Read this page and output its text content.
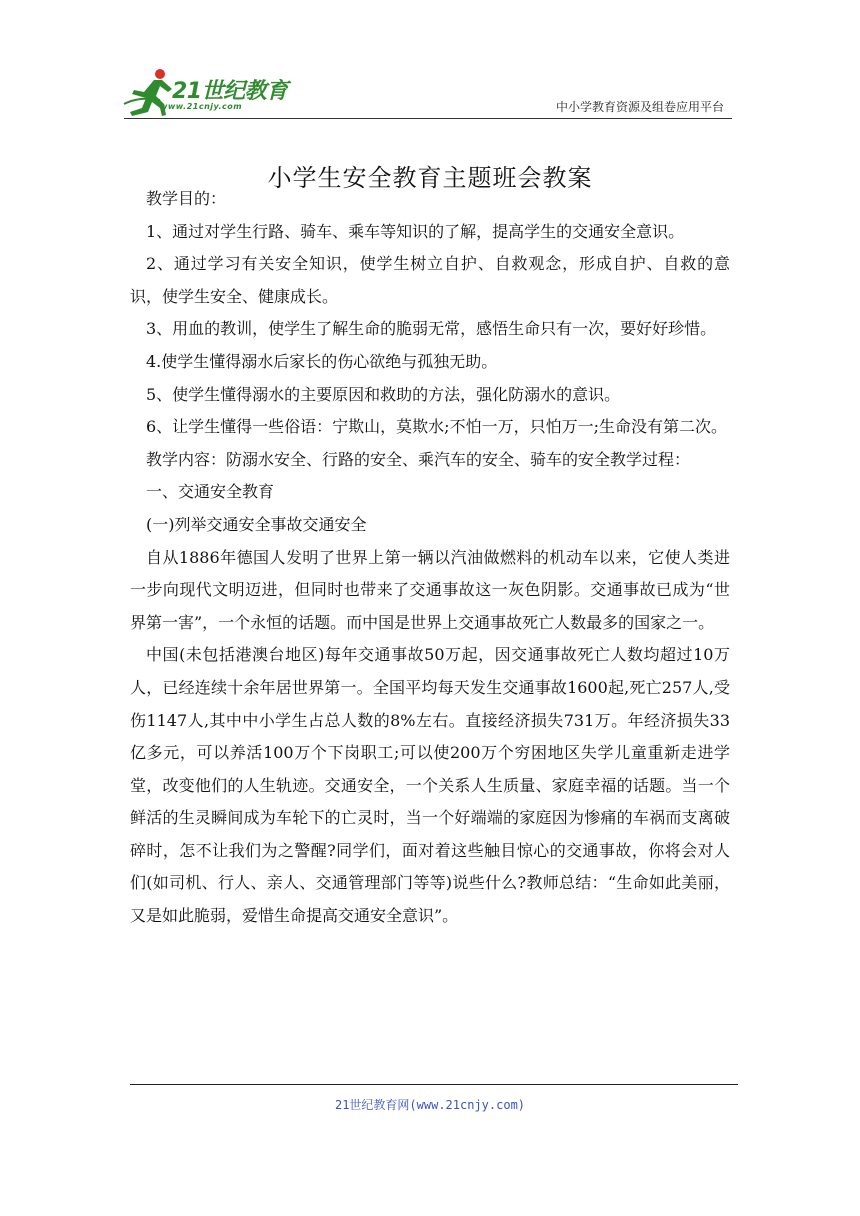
21世纪教育
www.21cnjy.com	中小学教育资源及组卷应用平台
小学生安全教育主题班会教案

教学目的：

1、通过对学生行路、骑车、乘车等知识的了解，提高学生的交通安全意识。

2、通过学习有关安全知识，使学生树立自护、自救观念，形成自护、自救的意识，使学生安全、健康成长。

3、用血的教训，使学生了解生命的脆弱无常，感悟生命只有一次，要好好珍惜。

4.使学生懂得溺水后家长的伤心欲绝与孤独无助。

5、使学生懂得溺水的主要原因和救助的方法，强化防溺水的意识。

6、让学生懂得一些俗语：宁欺山，莫欺水;不怕一万，只怕万一;生命没有第二次。

教学内容：防溺水安全、行路的安全、乘汽车的安全、骑车的安全教学过程：

一、交通安全教育

(一)列举交通安全事故交通安全

自从1886年德国人发明了世界上第一辆以汽油做燃料的机动车以来，它使人类进一步向现代文明迈进，但同时也带来了交通事故这一灰色阴影。交通事故已成为“世界第一害”，一个永恒的话题。而中国是世界上交通事故死亡人数最多的国家之一。

中国(未包括港澳台地区)每年交通事故50万起，因交通事故死亡人数均超过10万人，已经连续十余年居世界第一。全国平均每天发生交通事故1600起,死亡257人,受伤1147人,其中中小学生占总人数的8%左右。直接经济损失731万。年经济损失33亿多元，可以养活100万个下岗职工;可以使200万个穷困地区失学儿童重新走进学堂，改变他们的人生轨迹。交通安全，一个关系人生质量、家庭幸福的话题。当一个鲜活的生灵瞬间成为车轮下的亡灵时，当一个好端端的家庭因为惨痛的车祸而支离破碎时，怎不让我们为之警醒?同学们，面对着这些触目惊心的交通事故，你将会对人们(如司机、行人、亲人、交通管理部门等等)说些什么?教师总结：“生命如此美丽，又是如此脆弱，爱惜生命提高交通安全意识”。

21世纪教育网(www.21cnjy.com)
